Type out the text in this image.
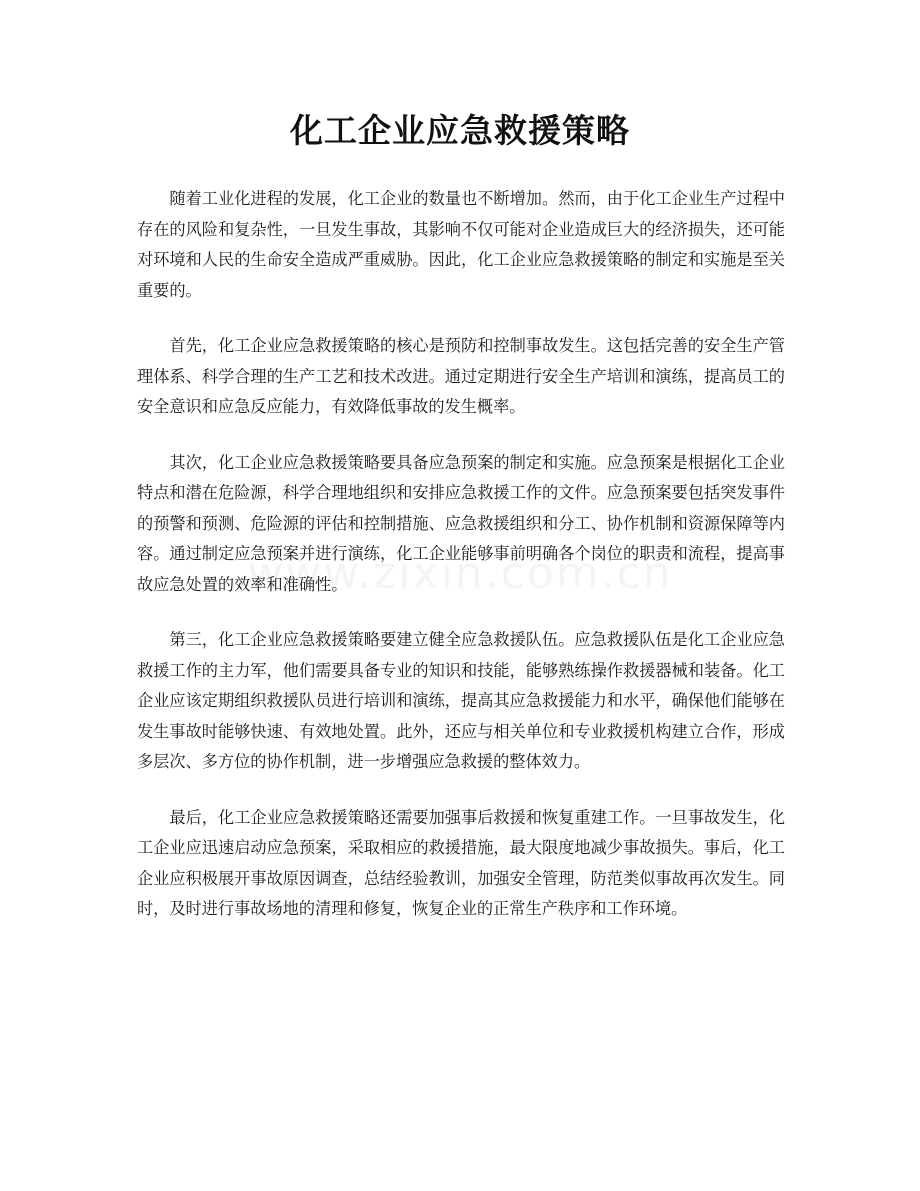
化工企业应急救援策略

随着工业化进程的发展，化工企业的数量也不断增加。然而，由于化工企业生产过程中存在的风险和复杂性，一旦发生事故，其影响不仅可能对企业造成巨大的经济损失，还可能对环境和人民的生命安全造成严重威胁。因此，化工企业应急救援策略的制定和实施是至关重要的。

首先，化工企业应急救援策略的核心是预防和控制事故发生。这包括完善的安全生产管理体系、科学合理的生产工艺和技术改进。通过定期进行安全生产培训和演练，提高员工的安全意识和应急反应能力，有效降低事故的发生概率。

其次，化工企业应急救援策略要具备应急预案的制定和实施。应急预案是根据化工企业特点和潜在危险源，科学合理地组织和安排应急救援工作的文件。应急预案要包括突发事件的预警和预测、危险源的评估和控制措施、应急救援组织和分工、协作机制和资源保障等内容。通过制定应急预案并进行演练，化工企业能够事前明确各个岗位的职责和流程，提高事故应急处置的效率和准确性。

第三，化工企业应急救援策略要建立健全应急救援队伍。应急救援队伍是化工企业应急救援工作的主力军，他们需要具备专业的知识和技能，能够熟练操作救援器械和装备。化工企业应该定期组织救援队员进行培训和演练，提高其应急救援能力和水平，确保他们能够在发生事故时能够快速、有效地处置。此外，还应与相关单位和专业救援机构建立合作，形成多层次、多方位的协作机制，进一步增强应急救援的整体效力。

最后，化工企业应急救援策略还需要加强事后救援和恢复重建工作。一旦事故发生，化工企业应迅速启动应急预案，采取相应的救援措施，最大限度地减少事故损失。事后，化工企业应积极展开事故原因调查，总结经验教训，加强安全管理，防范类似事故再次发生。同时，及时进行事故场地的清理和修复，恢复企业的正常生产秩序和工作环境。
